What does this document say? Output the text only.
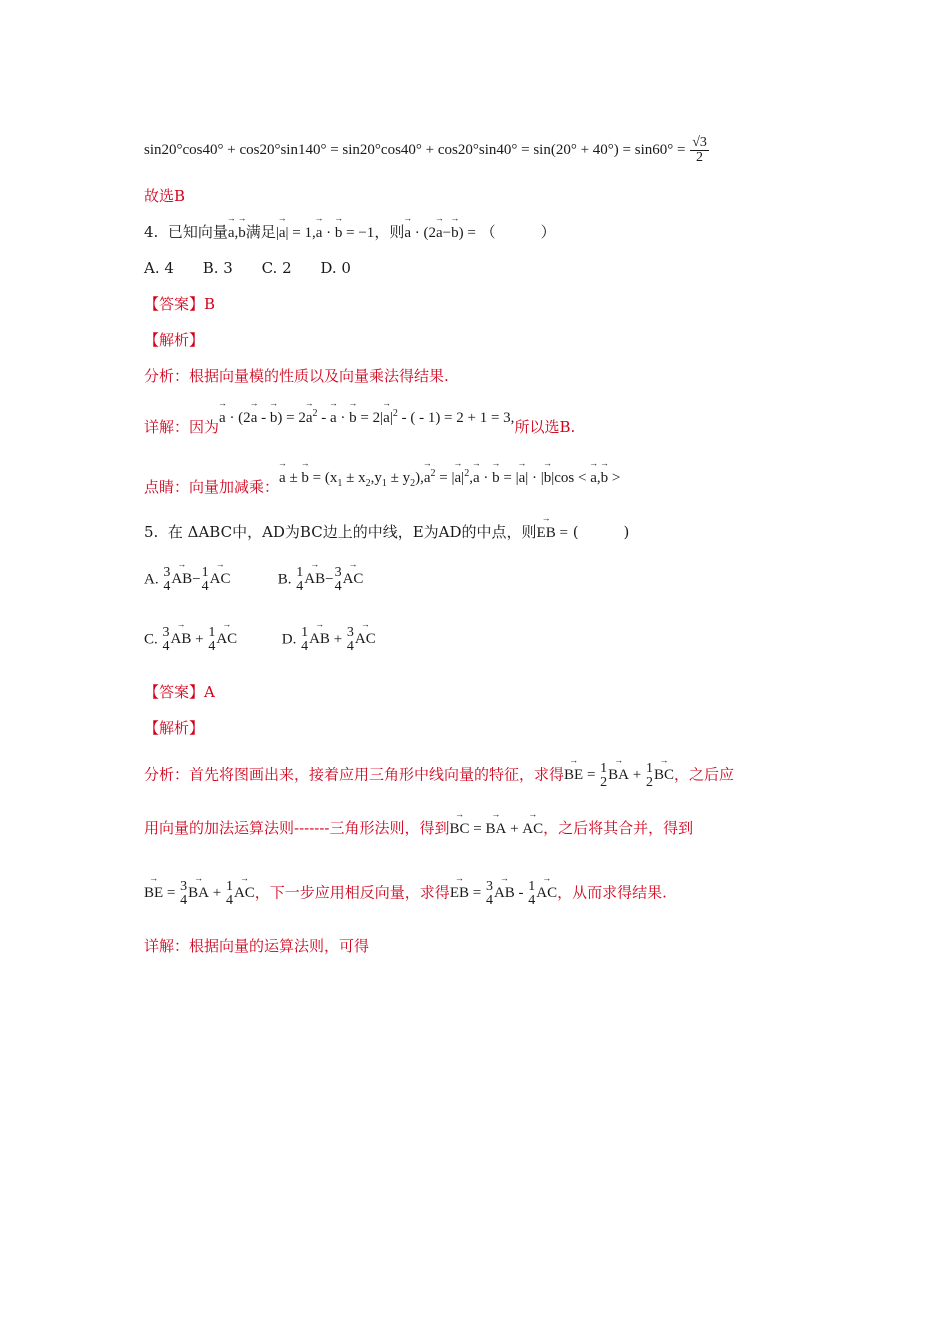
$\sin 20^\circ\cos 40^\circ + \cos 20^\circ\sin 140^\circ = \sin 20^\circ\cos 40^\circ + \cos 20^\circ\sin 40^\circ = \sin(20^\circ + 40^\circ) = \sin 60^\circ = \frac{√3}{2}$
故选B
4. 已知向量→ a,→ b满足|→ a| = 1,→ a · → b = −1，则→ a · (2→ a−→ b) = （　　　）
A. 4 B. 3 C. 2 D. 0
【答案】B
【解析】
分析：根据向量模的性质以及向量乘法得结果.
详解：因为→ a · (2→ a - → $b) = 2\to a^2$ - → a · → $b = 2|\to a|^2$ - ( - 1) = 2 + 1 = 3,所以选B.
点睛：向量加减乘：→ a ± → $b = (x_1 \pm x_2,y_1 \pm y_2),\to a^2$ = |→ $a|^2,\to a$ · → b = |→ a| · |→ b|cos < → a,→ b >
5. 在 ΔABC中，AD为BC边上的中线，E为AD的中点，则→ EB = (　　　)
A. 3
4 → AB− 1
4 → AC	B. 1
4 → AB− 3
4 → AC
C. 3
4 → AB + 1
4 → AC	D. 1
4 → AB + 3
4 → AC
【答案】A
【解析】
分析：首先将图画出来，接着应用三角形中线向量的特征，求得→ BE = 1
2 → BA + 1
2 → BC，之后应
用向量的加法运算法则-------三角形法则，得到→ BC = → BA + → AC，之后将其合并，得到
→ BE = 3
4 → BA + 1
4 → AC，下一步应用相反向量，求得→ EB = 3
4 → AB - 1
4 → AC，从而求得结果.
详解：根据向量的运算法则，可得
